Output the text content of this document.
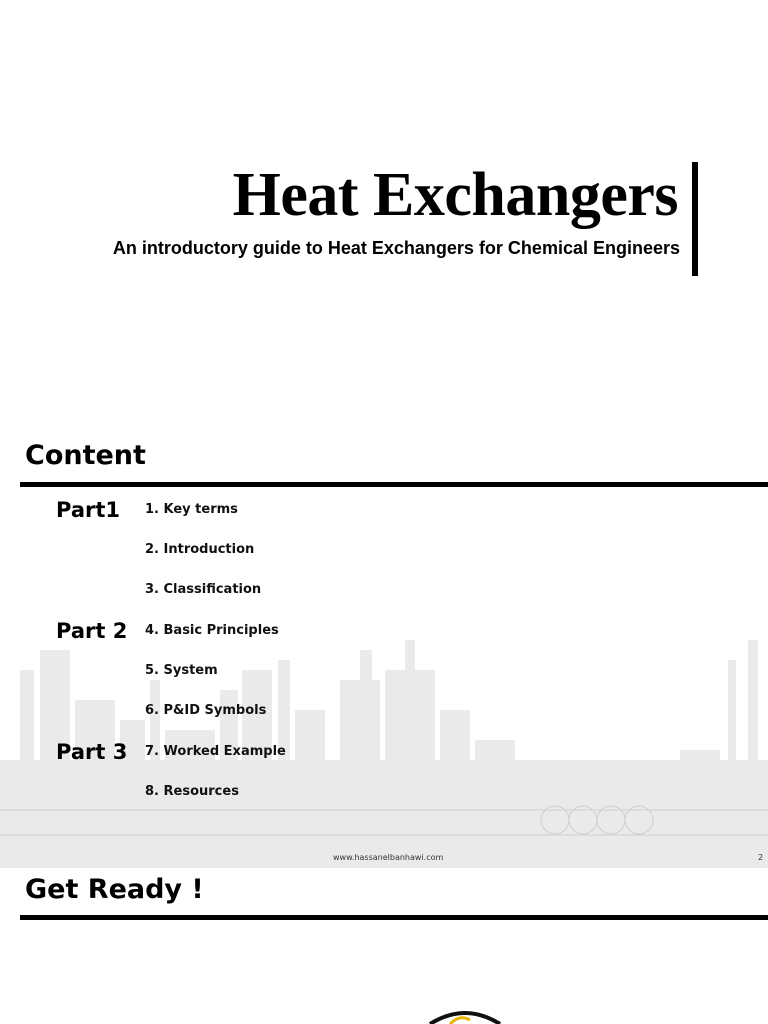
Heat Exchangers
An introductory guide to Heat Exchangers for Chemical Engineers
Content
Part1 1. Key terms
2. Introduction
3. Classification
Part 2 4. Basic Principles
5. System
6. P&ID Symbols
Part 3 7. Worked Example
8. Resources
www.hassanelbanhawi.com	2
Get Ready !
